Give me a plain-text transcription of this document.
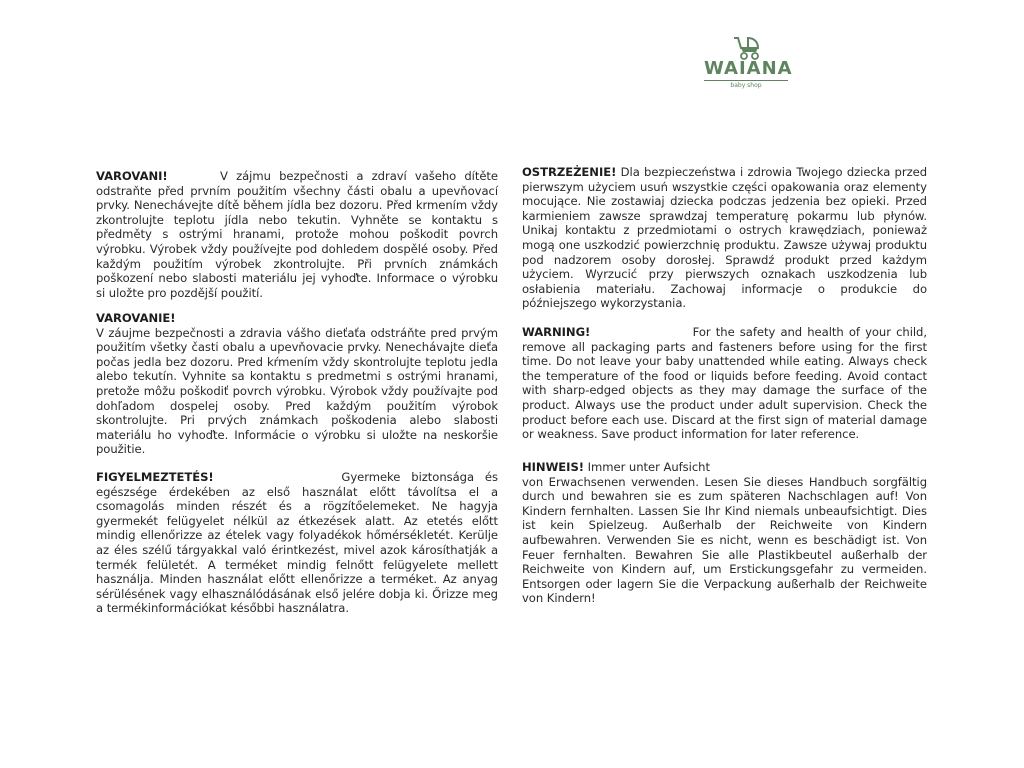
WAIANA
baby shop
VAROVANI!	V zájmu bezpečnosti a zdraví vašeho dítěte odstraňte před prvním použitím všechny části obalu a upevňovací prvky. Nenechávejte dítě během jídla bez dozoru. Před krmením vždy zkontrolujte teplotu jídla nebo tekutin. Vyhněte se kontaktu s předměty s ostrými hranami, protože mohou poškodit povrch výrobku. Výrobek vždy používejte pod dohledem dospělé osoby. Před každým použitím výrobek zkontrolujte. Při prvních známkách poškození nebo slabosti materiálu jej vyhoďte. Informace o výrobku si uložte pro pozdější použití.
VAROVANIE!
V záujme bezpečnosti a zdravia vášho dieťaťa odstráňte pred prvým použitím všetky časti obalu a upevňovacie prvky. Nenechávajte dieťa počas jedla bez dozoru. Pred kŕmením vždy skontrolujte teplotu jedla alebo tekutín. Vyhnite sa kontaktu s predmetmi s ostrými hranami, pretože môžu poškodiť povrch výrobku. Výrobok vždy používajte pod dohľadom dospelej osoby. Pred každým použitím výrobok skontrolujte. Pri prvých známkach poškodenia alebo slabosti materiálu ho vyhoďte. Informácie o výrobku si uložte na neskoršie použitie.
FIGYELMEZTETÉS!	Gyermeke biztonsága és egészsége érdekében az első használat előtt távolítsa el a csomagolás minden részét és a rögzítőelemeket. Ne hagyja gyermekét felügyelet nélkül az étkezések alatt. Az etetés előtt mindig ellenőrizze az ételek vagy folyadékok hőmérsékletét. Kerülje az éles szélű tárgyakkal való érintkezést, mivel azok károsíthatják a termék felületét. A terméket mindig felnőtt felügyelete mellett használja. Minden használat előtt ellenőrizze a terméket. Az anyag sérülésének vagy elhasználódásának első jelére dobja ki. Őrizze meg a termékinformációkat későbbi használatra.
OSTRZEŻENIE! Dla bezpieczeństwa i zdrowia Twojego dziecka przed pierwszym użyciem usuń wszystkie części opakowania oraz elementy mocujące. Nie zostawiaj dziecka podczas jedzenia bez opieki. Przed karmieniem zawsze sprawdzaj temperaturę pokarmu lub płynów. Unikaj kontaktu z przedmiotami o ostrych krawędziach, ponieważ mogą one uszkodzić powierzchnię produktu. Zawsze używaj produktu pod nadzorem osoby dorosłej. Sprawdź produkt przed każdym użyciem. Wyrzucić przy pierwszych oznakach uszkodzenia lub osłabienia materiału. Zachowaj informacje o produkcie do późniejszego wykorzystania.
WARNING!	For the safety and health of your child, remove all packaging parts and fasteners before using for the first time. Do not leave your baby unattended while eating. Always check the temperature of the food or liquids before feeding. Avoid contact with sharp-edged objects as they may damage the surface of the product. Always use the product under adult supervision. Check the product before each use. Discard at the first sign of material damage or weakness. Save product information for later reference.
HINWEIS! Immer unter Aufsicht
von Erwachsenen verwenden. Lesen Sie dieses Handbuch sorgfältig durch und bewahren sie es zum späteren Nachschlagen auf! Von Kindern fernhalten. Lassen Sie Ihr Kind niemals unbeaufsichtigt. Dies ist kein Spielzeug. Außerhalb der Reichweite von Kindern aufbewahren. Verwenden Sie es nicht, wenn es beschädigt ist. Von Feuer fernhalten. Bewahren Sie alle Plastikbeutel außerhalb der Reichweite von Kindern auf, um Erstickungsgefahr zu vermeiden. Entsorgen oder lagern Sie die Verpackung außerhalb der Reichweite von Kindern!
